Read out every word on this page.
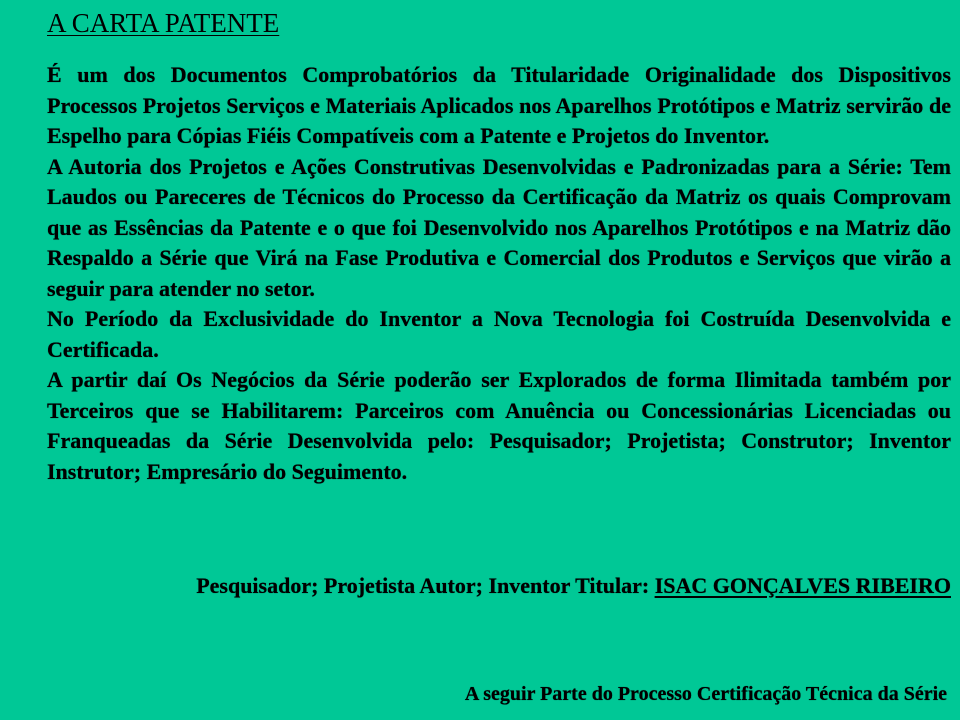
A CARTA PATENTE

É um dos Documentos Comprobatórios da Titularidade Originalidade dos Dispositivos Processos Projetos Serviços e Materiais Aplicados nos Aparelhos Protótipos e Matriz servirão de Espelho para Cópias Fiéis Compatíveis com a Patente e Projetos do Inventor.

A Autoria dos Projetos e Ações Construtivas Desenvolvidas e Padronizadas para a Série: Tem Laudos ou Pareceres de Técnicos do Processo da Certificação da Matriz os quais Comprovam que as Essências da Patente e o que foi Desenvolvido nos Aparelhos Protótipos e na Matriz dão Respaldo a Série que Virá na Fase Produtiva e Comercial dos Produtos e Serviços que virão a seguir para atender no setor.

No Período da Exclusividade do Inventor a Nova Tecnologia foi Costruída Desenvolvida e Certificada.

A partir daí Os Negócios da Série poderão ser Explorados de forma Ilimitada também por Terceiros que se Habilitarem: Parceiros com Anuência ou Concessionárias Licenciadas ou Franqueadas da Série Desenvolvida pelo: Pesquisador; Projetista; Construtor; Inventor Instrutor; Empresário do Seguimento.

Pesquisador; Projetista Autor; Inventor Titular: ISAC GONÇALVES RIBEIRO
A seguir Parte do Processo Certificação Técnica da Série
